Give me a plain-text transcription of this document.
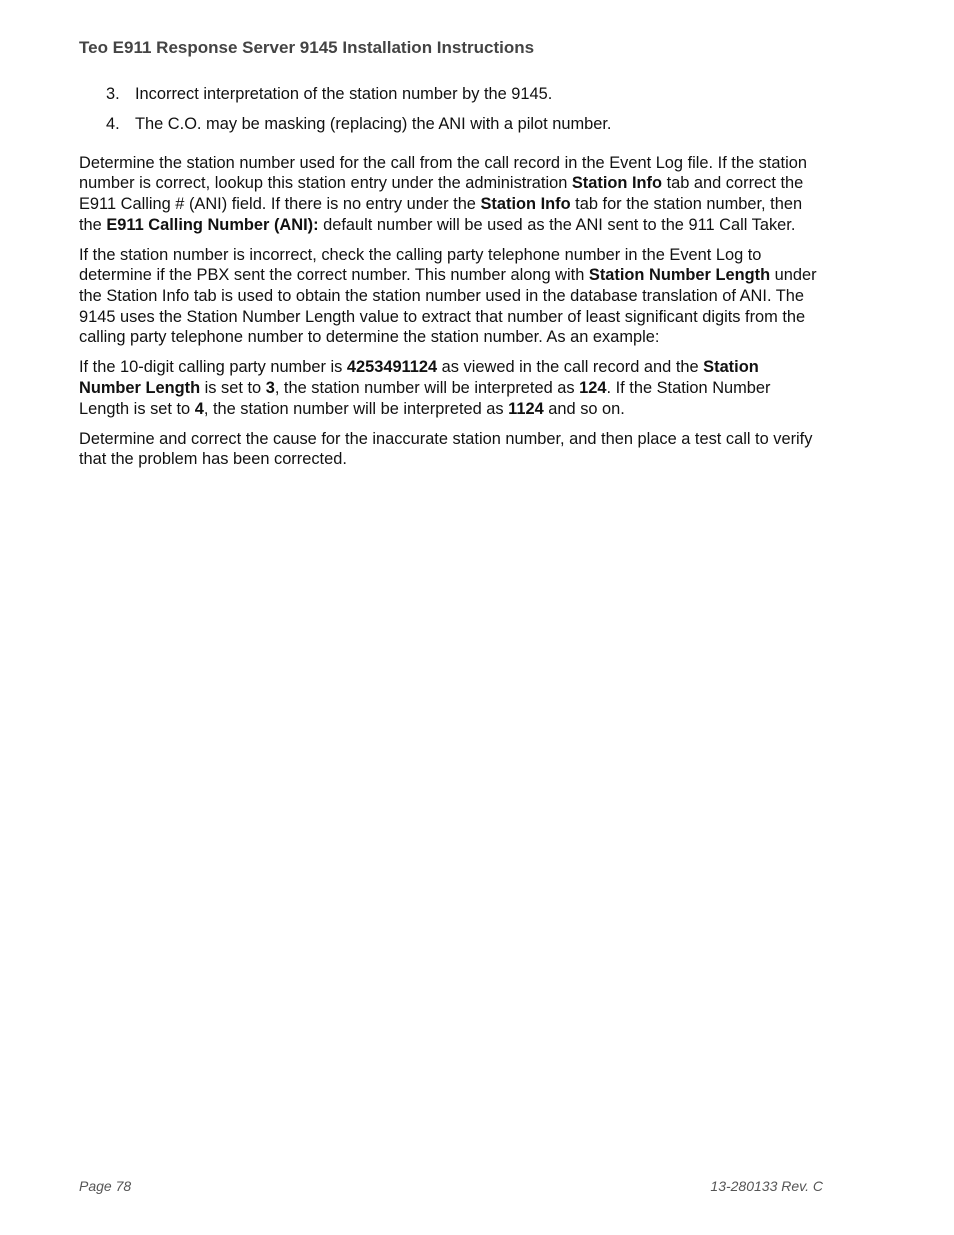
Teo E911 Response Server 9145 Installation Instructions
3. Incorrect interpretation of the station number by the 9145.
4. The C.O. may be masking (replacing) the ANI with a pilot number.

Determine the station number used for the call from the call record in the Event Log file. If the station number is correct, lookup this station entry under the administration Station Info tab and correct the E911 Calling # (ANI) field. If there is no entry under the Station Info tab for the station number, then the E911 Calling Number (ANI): default number will be used as the ANI sent to the 911 Call Taker.

If the station number is incorrect, check the calling party telephone number in the Event Log to determine if the PBX sent the correct number. This number along with Station Number Length under the Station Info tab is used to obtain the station number used in the database translation of ANI. The 9145 uses the Station Number Length value to extract that number of least significant digits from the calling party telephone number to determine the station number. As an example:

If the 10-digit calling party number is 4253491124 as viewed in the call record and the Station Number Length is set to 3, the station number will be interpreted as 124. If the Station Number Length is set to 4, the station number will be interpreted as 1124 and so on.

Determine and correct the cause for the inaccurate station number, and then place a test call to verify that the problem has been corrected.

Page 78	13-280133 Rev. C
